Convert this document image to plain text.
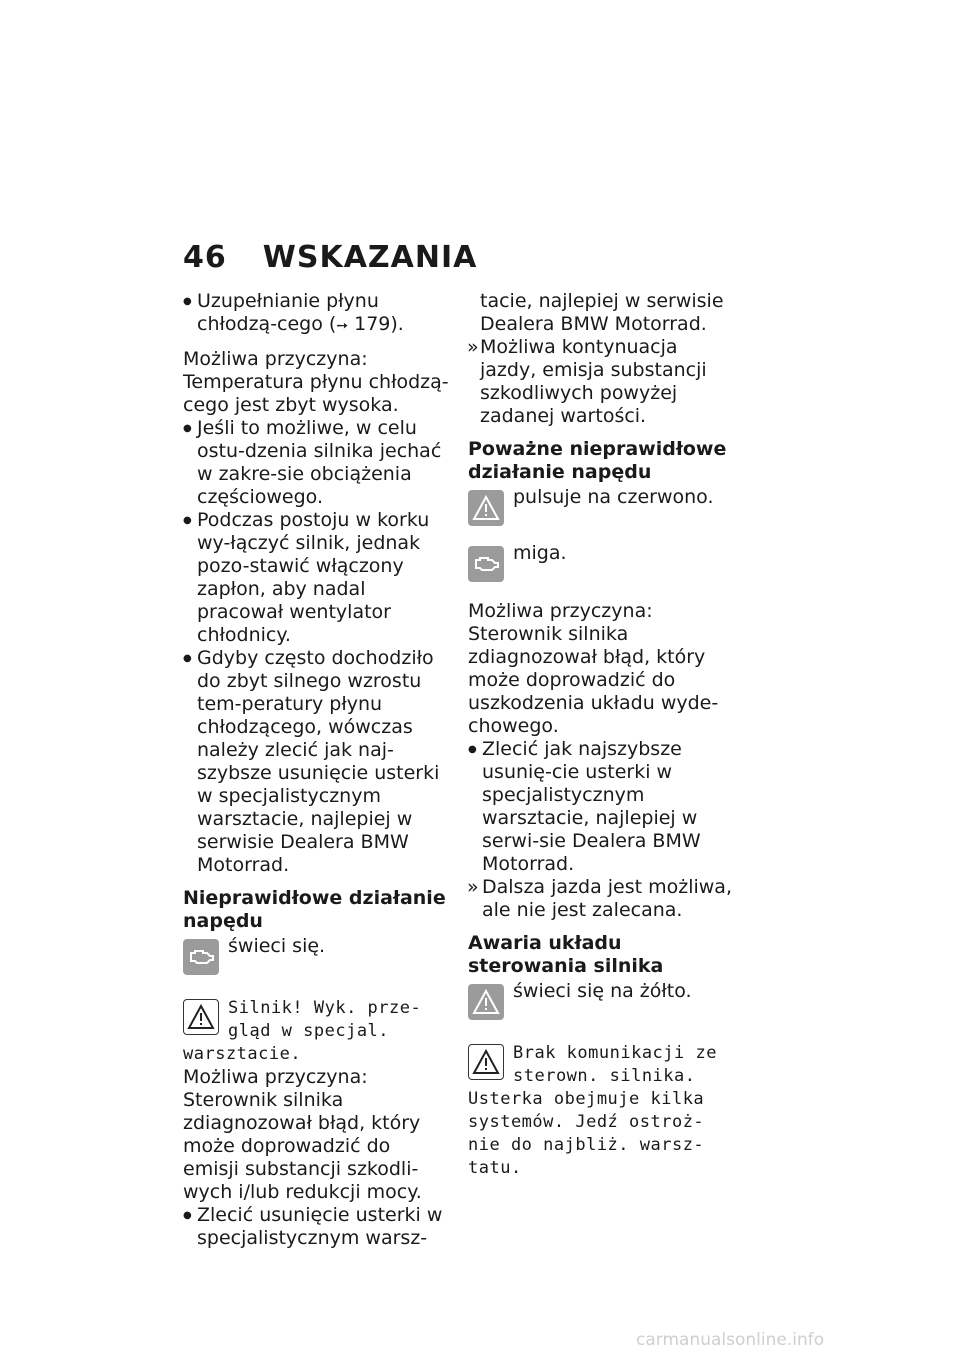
46 WSKAZANIA

● Uzupełnianie płynu chłodzą-cego (➙ 179).

Możliwa przyczyna:

Temperatura płynu chłodzą-cego jest zbyt wysoka.

● Jeśli to możliwe, w celu ostu-dzenia silnika jechać w zakre-sie obciążenia częściowego.

● Podczas postoju w korku wy-łączyć silnik, jednak pozo-stawić włączony zapłon, aby nadal pracował wentylator chłodnicy.

● Gdyby często dochodziło do zbyt silnego wzrostu tem-peratury płynu chłodzącego, wówczas należy zlecić jak naj-szybsze usunięcie usterki w specjalistycznym warsztacie, najlepiej w serwisie Dealera BMW Motorrad.

Nieprawidłowe działanie napędu

świeci się.
Silnik! Wyk. prze-
gląd w specjal.
warsztacie.

Możliwa przyczyna:

Sterownik silnika zdiagnozował błąd, który może doprowadzić do emisji substancji szkodli-wych i/lub redukcji mocy.

● Zlecić usunięcie usterki w specjalistycznym warsz-

tacie, najlepiej w serwisie Dealera BMW Motorrad.

» Możliwa kontynuacja jazdy, emisja substancji szkodliwych powyżej zadanej wartości.

Poważne nieprawidłowe działanie napędu

pulsuje na czerwono.
miga.

Możliwa przyczyna:

Sterownik silnika zdiagnozował błąd, który może doprowadzić do uszkodzenia układu wyde-chowego.

● Zlecić jak najszybsze usunię-cie usterki w specjalistycznym warsztacie, najlepiej w serwi-sie Dealera BMW Motorrad.

» Dalsza jazda jest możliwa, ale nie jest zalecana.

Awaria układu sterowania silnika

świeci się na żółto.
Brak komunikacji ze
sterown. silnika.
Usterka obejmuje kilka
systemów. Jedź ostroż-
nie do najbliż. warsz-
tatu.
carmanualsonline.info
